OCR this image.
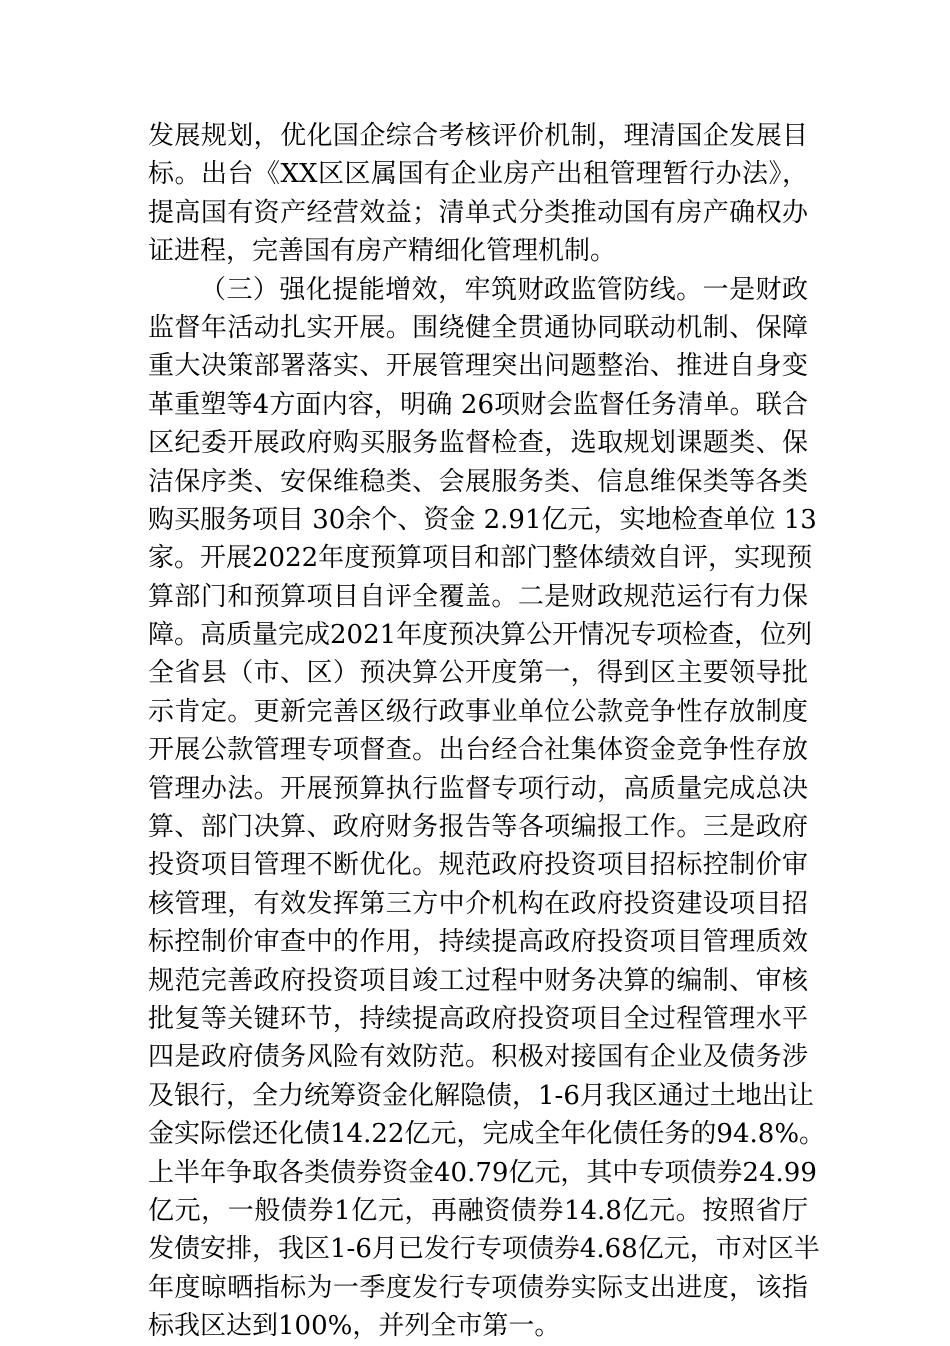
发展规划，优化国企综合考核评价机制，理清国企发展目
标。出台《XX区区属国有企业房产出租管理暂行办法》，
提高国有资产经营效益；清单式分类推动国有房产确权办
证进程，完善国有房产精细化管理机制。
（三）强化提能增效，牢筑财政监管防线。一是财政
监督年活动扎实开展。围绕健全贯通协同联动机制、保障
重大决策部署落实、开展管理突出问题整治、推进自身变
革重塑等4方面内容，明确 26项财会监督任务清单。联合
区纪委开展政府购买服务监督检查，选取规划课题类、保
洁保序类、安保维稳类、会展服务类、信息维保类等各类
购买服务项目 30余个、资金 2.91亿元，实地检查单位 13
家。开展2022年度预算项目和部门整体绩效自评，实现预
算部门和预算项目自评全覆盖。二是财政规范运行有力保
障。高质量完成2021年度预决算公开情况专项检查，位列
全省县（市、区）预决算公开度第一，得到区主要领导批
示肯定。更新完善区级行政事业单位公款竞争性存放制度
开展公款管理专项督查。出台经合社集体资金竞争性存放
管理办法。开展预算执行监督专项行动，高质量完成总决
算、部门决算、政府财务报告等各项编报工作。三是政府
投资项目管理不断优化。规范政府投资项目招标控制价审
核管理，有效发挥第三方中介机构在政府投资建设项目招
标控制价审查中的作用，持续提高政府投资项目管理质效
规范完善政府投资项目竣工过程中财务决算的编制、审核
批复等关键环节，持续提高政府投资项目全过程管理水平
四是政府债务风险有效防范。积极对接国有企业及债务涉
及银行，全力统筹资金化解隐债，1-6月我区通过土地出让
金实际偿还化债14.22亿元，完成全年化债任务的94.8%。
上半年争取各类债券资金40.79亿元，其中专项债券24.99
亿元，一般债券1亿元，再融资债券14.8亿元。按照省厅
发债安排，我区1-6月已发行专项债券4.68亿元，市对区半
年度晾晒指标为一季度发行专项债券实际支出进度，该指
标我区达到100%，并列全市第一。
